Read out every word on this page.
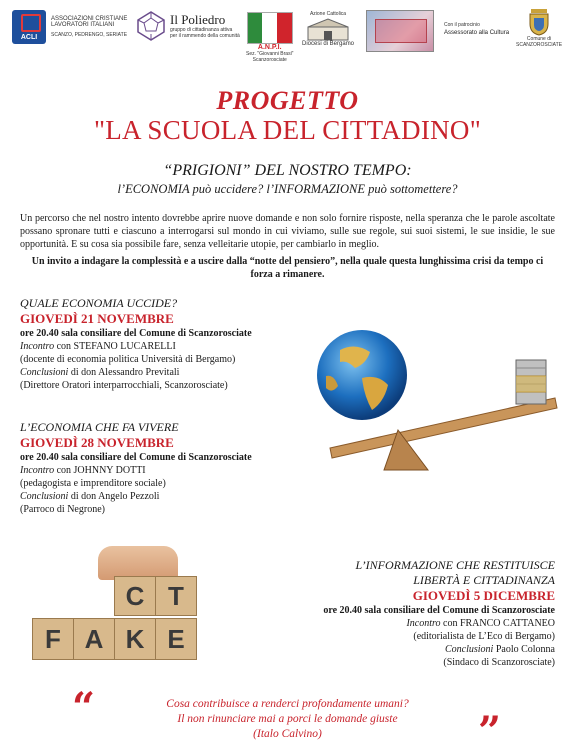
ACLI
ASSOCIAZIONI CRISTIANE
LAVORATORI ITALIANI
SCANZO, PEDRENGO, SERIATE
Il Poliedro
gruppo di cittadinanza attiva
per il rammendo della comunità
A.N.P.I.
Sez. "Giovanni Brasi"
Scanzorosciate
Azione Cattolica
Diocesi di Bergamo
Con il patrocinio
Assessorato alla Cultura
Comune di
SCANZOROSCIATE
PROGETTO
"LA SCUOLA DEL CITTADINO"
“PRIGIONI” DEL NOSTRO TEMPO:
l’ECONOMIA può uccidere? l’INFORMAZIONE può sottomettere?
Un percorso che nel nostro intento dovrebbe aprire nuove domande e non solo fornire risposte, nella speranza che le parole ascoltate possano spronare tutti e ciascuno a interrogarsi sul mondo in cui viviamo, sulle sue regole, sui suoi sistemi, le sue insidie, le sue opportunità. E su cosa sia possibile fare, senza velleitarie utopie, per cambiarlo in meglio.
Un invito a indagare la complessità e a uscire dalla “notte del pensiero”, nella quale questa lunghissima crisi da tempo ci forza a rimanere.
QUALE ECONOMIA UCCIDE?
GIOVEDÌ 21 NOVEMBRE
ore 20.40 sala consiliare del Comune di Scanzorosciate
Incontro con STEFANO LUCARELLI
(docente di economia politica Università di Bergamo)
Conclusioni di don Alessandro Previtali
(Direttore Oratori interparrocchiali, Scanzorosciate)
L’ECONOMIA CHE FA VIVERE
GIOVEDÌ 28 NOVEMBRE
ore 20.40 sala consiliare del Comune di Scanzorosciate
Incontro con JOHNNY DOTTI
(pedagogista e imprenditore sociale)
Conclusioni di don Angelo Pezzoli
(Parroco di Negrone)
C T
F A K E
L’INFORMAZIONE CHE RESTITUISCE
LIBERTÀ E CITTADINANZA
GIOVEDÌ 5 DICEMBRE
ore 20.40 sala consiliare del Comune di Scanzorosciate
Incontro con FRANCO CATTANEO
(editorialista de L’Eco di Bergamo)
Conclusioni Paolo Colonna
(Sindaco di Scanzorosciate)
“	Cosa contribuisce a renderci profondamente umani?
Il non rinunciare mai a porci le domande giuste
(Italo Calvino)	”
